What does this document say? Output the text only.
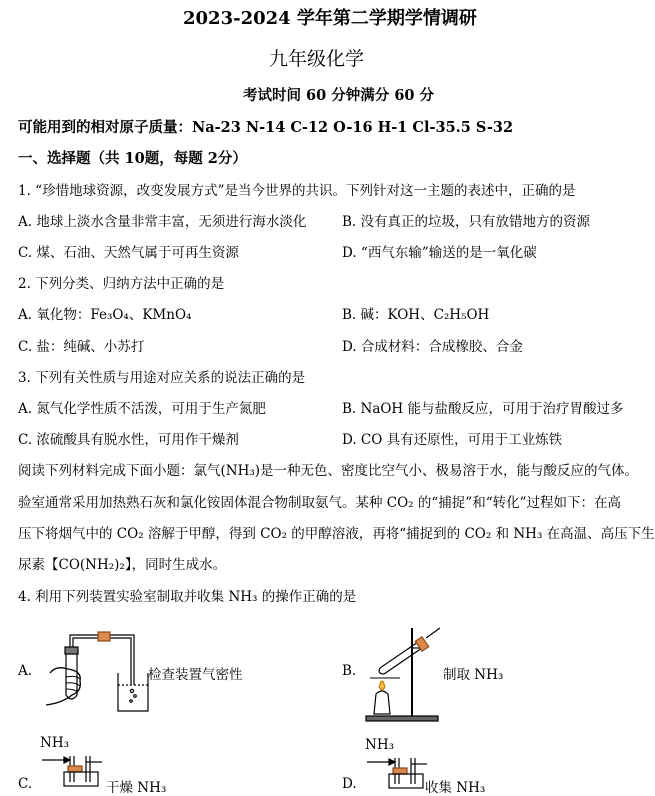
2023-2024 学年第二学期学情调研
九年级化学
考试时间 60 分钟满分 60 分
可能用到的相对原子质量：Na-23 N-14 C-12 O-16 H-1 Cl-35.5 S-32
一、选择题（共 10题，每题 2分）
1. “珍惜地球资源，改变发展方式”是当今世界的共识。下列针对这一主题的表述中，正确的是
A. 地球上淡水含量非常丰富，无须进行海水淡化	B. 没有真正的垃圾，只有放错地方的资源
C. 煤、石油、天然气属于可再生资源	D. “西气东输”输送的是一氧化碳
2. 下列分类、归纳方法中正确的是
A. 氧化物：Fe₃O₄、KMnO₄	B. 碱：KOH、C₂H₅OH
C. 盐：纯碱、小苏打	D. 合成材料：合成橡胶、合金
3. 下列有关性质与用途对应关系的说法正确的是
A. 氮气化学性质不活泼，可用于生产氮肥	B. NaOH 能与盐酸反应，可用于治疗胃酸过多
C. 浓硫酸具有脱水性，可用作干燥剂	D. CO 具有还原性，可用于工业炼铁
阅读下列材料完成下面小题：氯气(NH₃)是一种无色、密度比空气小、极易溶于水，能与酸反应的气体。
验室通常采用加热熟石灰和氯化铵固体混合物制取氨气。某种 CO₂ 的“捕捉”和“转化”过程如下：在高
压下将烟气中的 CO₂ 溶解于甲醇，得到 CO₂ 的甲醇溶液，再将“捕捉到的 CO₂ 和 NH₃ 在高温、高压下生
尿素【CO(NH₂)₂】，同时生成水。
4. 利用下列装置实验室制取并收集 NH₃ 的操作正确的是
A.	检查装置气密性	B.	制取 NH₃
NH₃	NH₃
C.	干燥 NH₃	D.	收集 NH₃
